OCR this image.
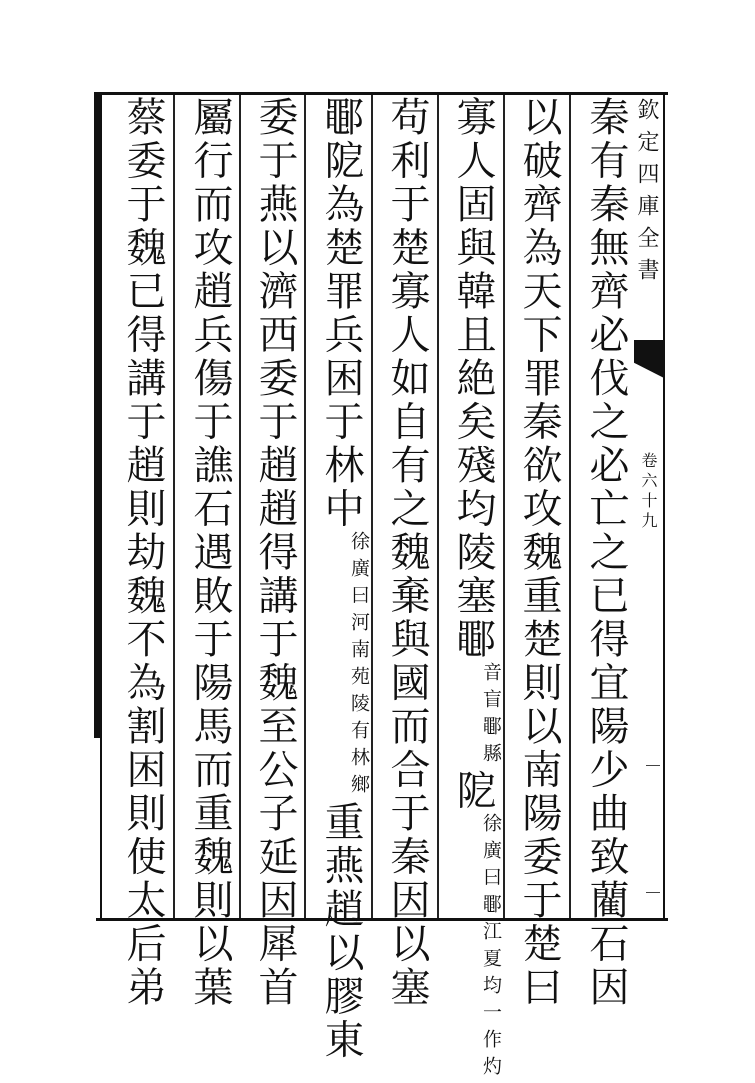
欽定四庫全書
卷六十九
秦有秦無齊必伐之必亡之已得宜陽少曲致藺石因
以破齊為天下罪秦欲攻魏重楚則以南陽委于楚曰
寡人固與韓且絶矣殘均陵塞鄳音盲鄳縣阸徐廣曰鄳江夏均一作灼
苟利于楚寡人如自有之魏棄與國而合于秦因以塞
鄳阸為楚罪兵困于林中徐廣曰河南苑陵有林鄉重燕趙以膠東
委于燕以濟西委于趙趙得講于魏至公子延因犀首
屬行而攻趙兵傷于譙石遇敗于陽馬而重魏則以葉
蔡委于魏已得講于趙則劫魏不為割困則使太后弟
